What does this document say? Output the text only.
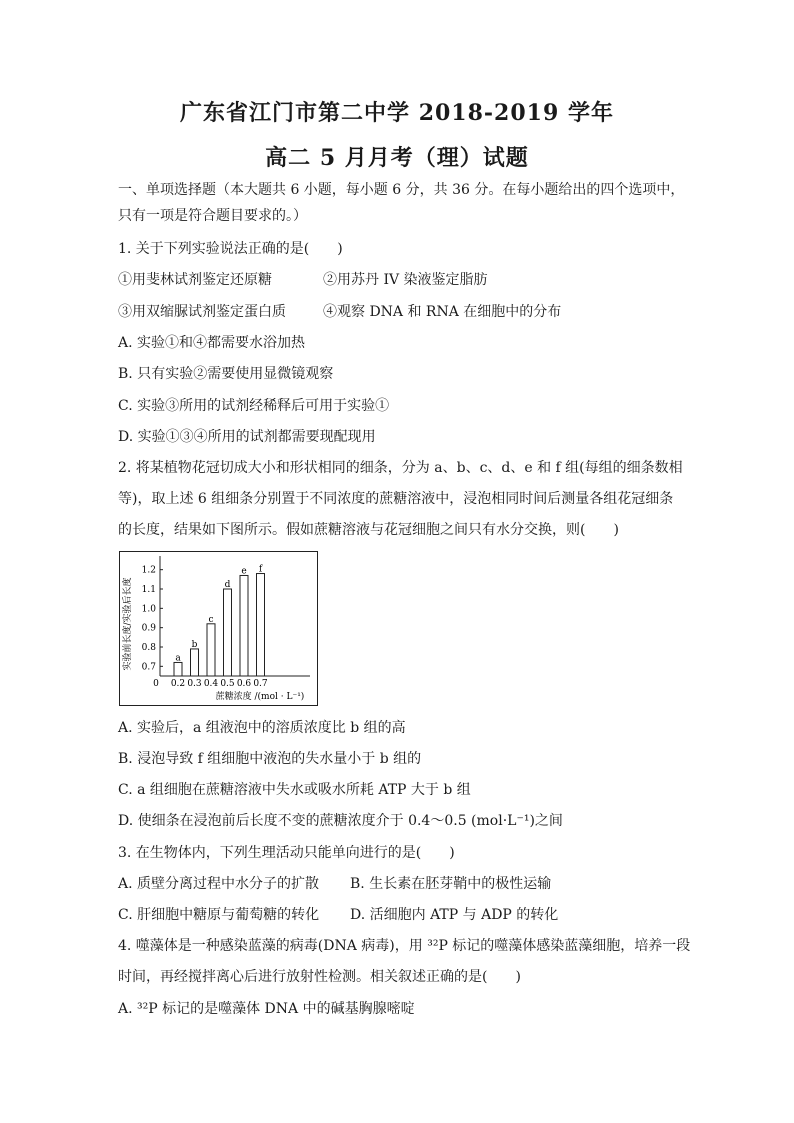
广东省江门市第二中学 2018-2019 学年
高二 5 月月考（理）试题
一、单项选择题（本大题共 6 小题，每小题 6 分，共 36 分。在每小题给出的四个选项中，
只有一项是符合题目要求的。）
1. 关于下列实验说法正确的是(　　)
①用斐林试剂鉴定还原糖	②用苏丹 IV 染液鉴定脂肪
③用双缩脲试剂鉴定蛋白质	④观察 DNA 和 RNA 在细胞中的分布
A. 实验①和④都需要水浴加热
B. 只有实验②需要使用显微镜观察
C. 实验③所用的试剂经稀释后可用于实验①
D. 实验①③④所用的试剂都需要现配现用
2. 将某植物花冠切成大小和形状相同的细条，分为 a、b、c、d、e 和 f 组(每组的细条数相
等)，取上述 6 组细条分别置于不同浓度的蔗糖溶液中，浸泡相同时间后测量各组花冠细条
的长度，结果如下图所示。假如蔗糖溶液与花冠细胞之间只有水分交换，则(　　)
实验前长度/实验后长度
蔗糖浓度 /(mol · L⁻¹)
0.7
0.8
0.9
1.0
1.1
1.2
0
a
0.2
b
0.3
c
0.4
d
0.5
e
0.6
f
0.7
A. 实验后，a 组液泡中的溶质浓度比 b 组的高
B. 浸泡导致 f 组细胞中液泡的失水量小于 b 组的
C. a 组细胞在蔗糖溶液中失水或吸水所耗 ATP 大于 b 组
D. 使细条在浸泡前后长度不变的蔗糖浓度介于 0.4～0.5 (mol·L⁻¹)之间
3. 在生物体内，下列生理活动只能单向进行的是(　　)
A. 质壁分离过程中水分子的扩散 B. 生长素在胚芽鞘中的极性运输
C. 肝细胞中糖原与葡萄糖的转化 D. 活细胞内 ATP 与 ADP 的转化
4. 噬藻体是一种感染蓝藻的病毒(DNA 病毒)，用 ³²P 标记的噬藻体感染蓝藻细胞，培养一段
时间，再经搅拌离心后进行放射性检测。相关叙述正确的是(　　)
A. ³²P 标记的是噬藻体 DNA 中的碱基胸腺嘧啶
